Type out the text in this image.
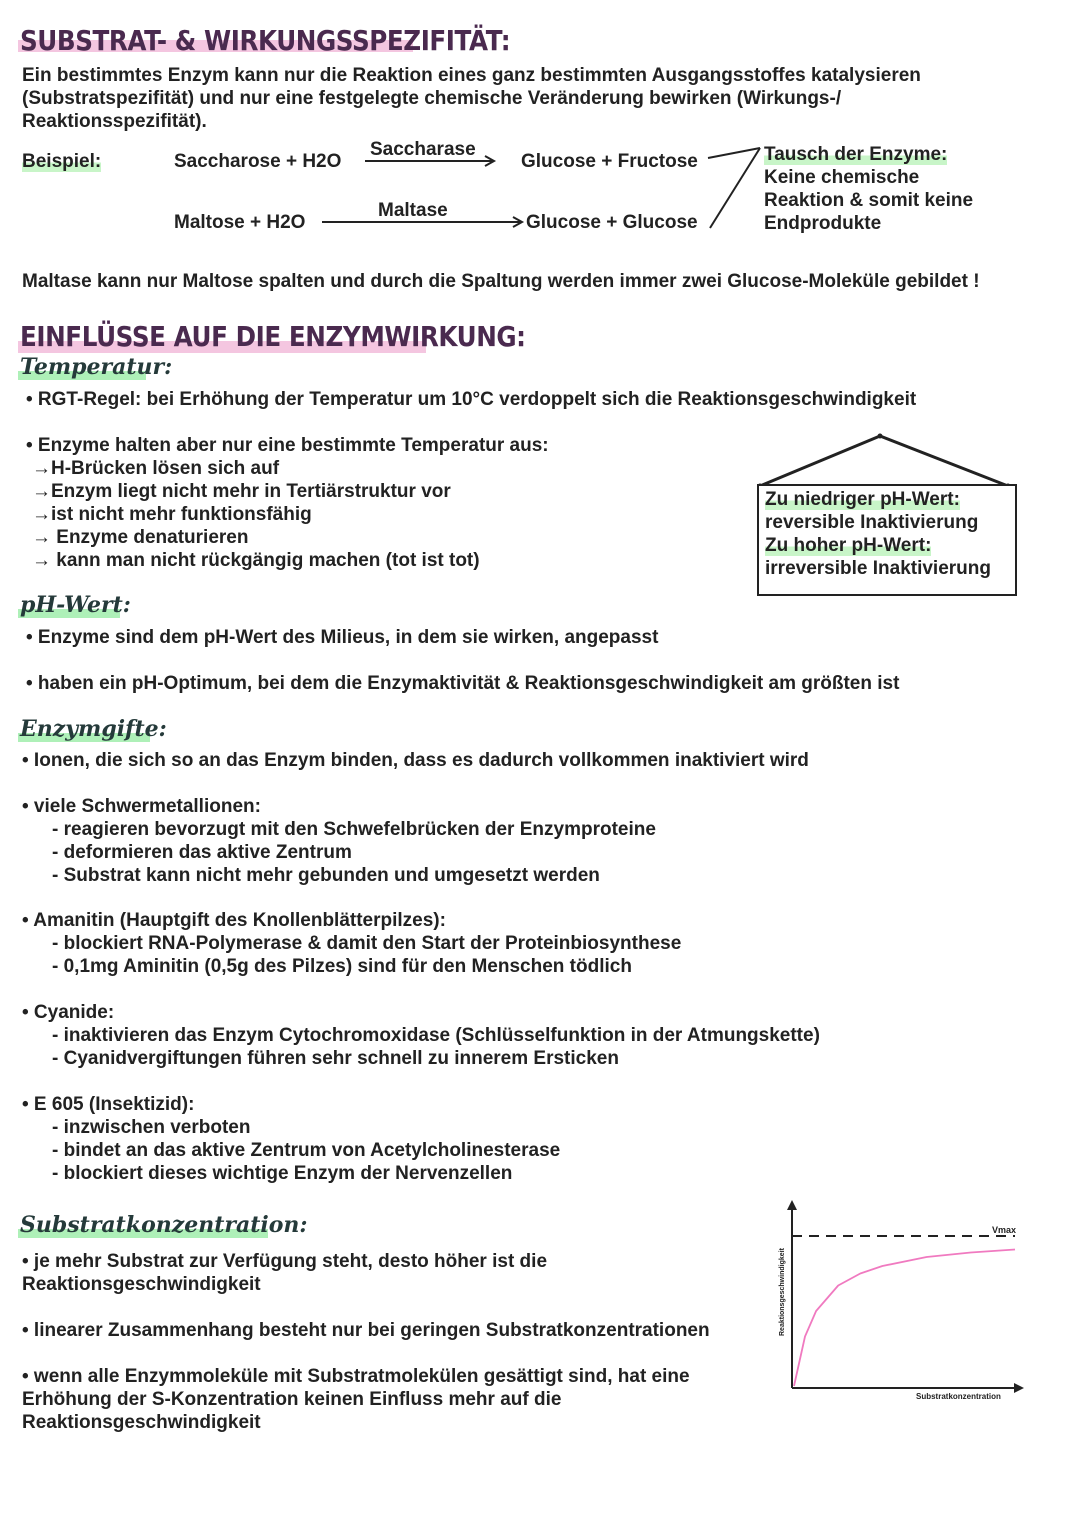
SUBSTRAT- & WIRKUNGSSPEZIFITÄT:
Ein bestimmtes Enzym kann nur die Reaktion eines ganz bestimmten Ausgangsstoffes katalysieren (Substratspezifität) und nur eine festgelegte chemische Veränderung bewirken (Wirkungs-/ Reaktionsspezifität).
Beispiel:	Saccharose + H2O
Saccharase
Glucose + Fructose
Maltose + H2O
Maltase
Glucose + Glucose
Tausch der Enzyme:
Keine chemische
Reaktion & somit keine
Endprodukte
Maltase kann nur Maltose spalten und durch die Spaltung werden immer zwei Glucose-Moleküle gebildet !
EINFLÜSSE AUF DIE ENZYMWIRKUNG:
Temperatur:
• RGT-Regel: bei Erhöhung der Temperatur um 10°C verdoppelt sich die Reaktionsgeschwindigkeit
• Enzyme halten aber nur eine bestimmte Temperatur aus:
→H-Brücken lösen sich auf
→Enzym liegt nicht mehr in Tertiärstruktur vor
→ist nicht mehr funktionsfähig
→ Enzyme denaturieren
→ kann man nicht rückgängig machen (tot ist tot)
Zu niedriger pH-Wert:
reversible Inaktivierung
Zu hoher pH-Wert:
irreversible Inaktivierung
pH-Wert:
• Enzyme sind dem pH-Wert des Milieus, in dem sie wirken, angepasst
• haben ein pH-Optimum, bei dem die Enzymaktivität & Reaktionsgeschwindigkeit am größten ist
Enzymgifte:
• Ionen, die sich so an das Enzym binden, dass es dadurch vollkommen inaktiviert wird
• viele Schwermetallionen:
- reagieren bevorzugt mit den Schwefelbrücken der Enzymproteine
- deformieren das aktive Zentrum
- Substrat kann nicht mehr gebunden und umgesetzt werden
• Amanitin (Hauptgift des Knollenblätterpilzes):
- blockiert RNA-Polymerase & damit den Start der Proteinbiosynthese
- 0,1mg Aminitin (0,5g des Pilzes) sind für den Menschen tödlich
• Cyanide:
- inaktivieren das Enzym Cytochromoxidase (Schlüsselfunktion in der Atmungskette)
- Cyanidvergiftungen führen sehr schnell zu innerem Ersticken
• E 605 (Insektizid):
- inzwischen verboten
- bindet an das aktive Zentrum von Acetylcholinesterase
- blockiert dieses wichtige Enzym der Nervenzellen
Substratkonzentration:
• je mehr Substrat zur Verfügung steht, desto höher ist die Reaktionsgeschwindigkeit
• linearer Zusammenhang besteht nur bei geringen Substratkonzentrationen
• wenn alle Enzymmoleküle mit Substratmolekülen gesättigt sind, hat eine Erhöhung der S-Konzentration keinen Einfluss mehr auf die Reaktionsgeschwindigkeit
Vmax
Substratkonzentration
Reaktionsgeschwindigkeit
